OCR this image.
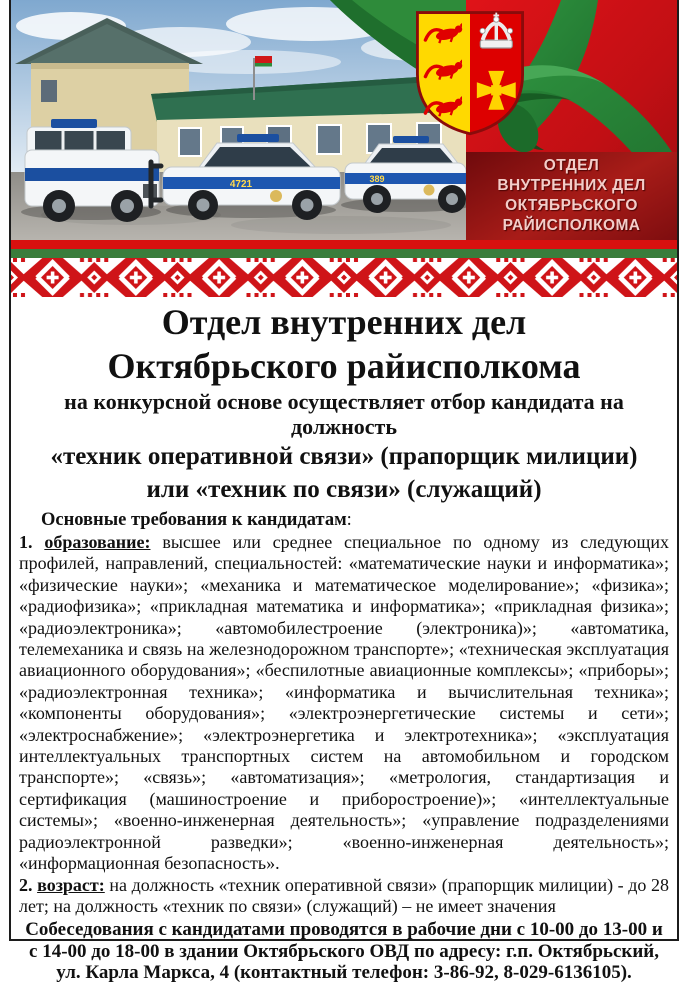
4721	389
ОТДЕЛ
ВНУТРЕННИХ ДЕЛ
ОКТЯБРЬСКОГО
РАЙИСПОЛКОМА
Отдел внутренних дел
Октябрьского райисполкома
на конкурсной основе осуществляет отбор кандидата на должность
«техник оперативной связи» (прапорщик милиции)
или «техник по связи» (служащий)
Основные требования к кандидатам:

1. образование: высшее или среднее специальное по одному из следующих профилей, направлений, специальностей: «математические науки и информатика»; «физические науки»; «механика и математическое моделирование»; «физика»; «радиофизика»; «прикладная математика и информатика»; «прикладная физика»; «радиоэлектроника»; «автомобилестроение (электроника)»; «автоматика, телемеханика и связь на железнодорожном транспорте»; «техническая эксплуатация авиационного оборудования»; «беспилотные авиационные комплексы»; «приборы»; «радиоэлектронная техника»; «информатика и вычислительная техника»; «компоненты оборудования»; «электроэнергетические системы и сети»; «электроснабжение»; «электроэнергетика и электротехника»; «эксплуатация интеллектуальных транспортных систем на автомобильном и городском транспорте»; «связь»; «автоматизация»; «метрология, стандартизация и сертификация (машиностроение и приборостроение)»; «интеллектуальные системы»; «военно-инженерная деятельность»; «управление подразделениями радиоэлектронной разведки»; «военно-инженерная деятельность»; «информационная безопасность».

2. возраст: на должность «техник оперативной связи» (прапорщик милиции) - до 28 лет; на должность «техник по связи» (служащий) – не имеет значения

Собеседования с кандидатами проводятся в рабочие дни с 10-00 до 13-00 и
с 14-00 до 18-00 в здании Октябрьского ОВД по адресу: г.п. Октябрьский,
ул. Карла Маркса, 4 (контактный телефон: 3-86-92, 8-029-6136105).
